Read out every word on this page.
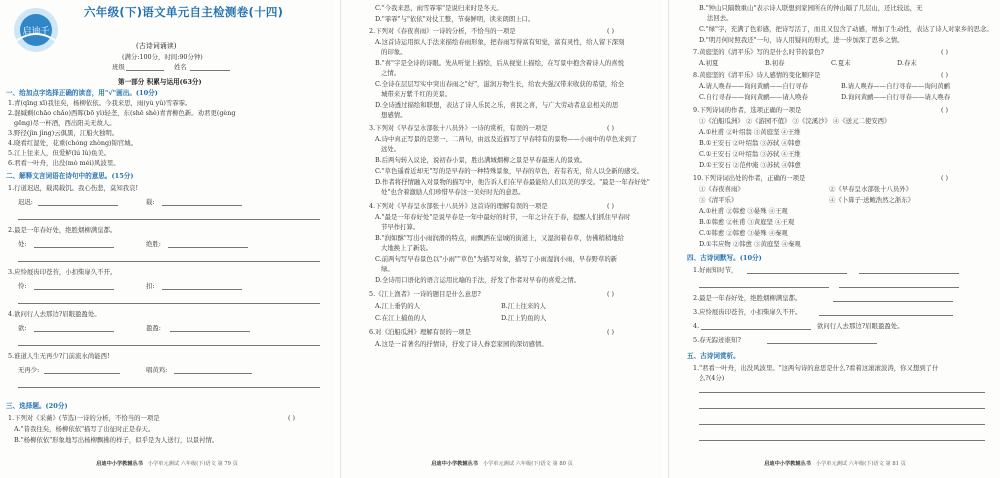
启迪千
六年级(下)语文单元自主检测卷(十四)
(古诗词诵读)
(满分:100分，时间:90分钟)
班级	姓名
第一部分 积累与运用(63分)
一、给加点字选择正确的读音，用"√"画出。(10分)
1.青(qīng xī)我往矣，杨柳依依。今我来思，雨(yù yǔ)雪霏霏。
2.混缄剩(chāo chǎo)西晖(bō yì)轻垄，东(shē shè)青青柳色新。劝君更(gèng
gēng)尽一杯酒，西出阳关无故人。
3.野径(jìn jìng)云俱黑，江船火独明。
4.晓看红湿处，花重(chóng zhòng)锦官城。
5.江上往来人，但爱鲈(lú lǔ)鱼美。
6.君看一叶舟，出没(mò méi)风波里。
二、解释文言词语在诗句中的意思。(15分)
1.行道迟迟，载渴载饥。我心伤悲，莫知我哀!
迟迟:	载:
2.最是一年春好处，绝胜烟柳满皇都。
处:	绝胜:
3.应怜屐齿印苍苔，小扣柴扉久不开。
怜:	扣:
4.欲问行人去那边?眉眼盈盈处。
欲:	盈盈:
5.谁道人生无再少?门前流水尚能西!
无再少:	唱黄鸡:
三、选择题。(20分)
1.下列对《采薇》(节选)一诗的分析，不恰当的一项是	( )
A."昔我往矣，杨柳依依"描写了出征时正是春天。
B."杨柳依依"形象地写出杨柳飘拂的样子，似乎是为人送行，以景衬情。
启迪中小学教辅丛书 小学单元测试 六年级(下)语文 第 79 页
C."今我来思，雨雪霏霏"是说归来时是冬天。
D."霏霏"与"依依"对仗工整，节奏鲜明，读来朗朗上口。
2.下列对《春夜喜雨》一诗的分析，不恰当的一项是	( )
A.这首诗运用拟人手法来描绘春雨形象，把春雨写得富有知觉，富有灵性，给人留下深刻
的印象。
B."喜"字是全诗的诗眼。先从听觉上描绘，后从视觉上描绘，在写景中抱含着诗人的喜悦
之情。
C.全诗在层层写实中突出春雨之"好"，滋润万物生长，给农夫强汉带来收获的希望，给全
城带来万紫千红的美景。
D.全诗透过描绘和联想，表达了诗人乐民之乐，喜民之喜，与广大劳动者息息相关的思
想感情。
3.下列对《早春呈水部张十八员外》一诗的赏析，有误的一项是	( )
A.诗中真正写景的是第一、二两句，由远及近描写了早春特有的景物——小雨中的草色来到了
远处。
B.后两句转入议论，说初春小景，胜出满城烟柳之景是早春最迷人的景致。
C."草色遥看近却无"写的是早春的一种特殊景象，早春的草色，若有若无，给人以全新的感受。
D.作者将抒情融入对景物的描写中，他告诉人们在早春最能给人们以美的享受。"最是一年春好处"
处"也含着激励人们珍惜早春这一美好时光的意思。
4.下列对《早春呈水部张十八员外》这首诗的理解有误的一项是	( )
A."最是一年春好处"是说早春是一年中最好的时节，一年之计在于春，提醒人们抓住早春时
节早作打算。
B."润如酥"写出小雨润滑的特点，雨飘洒在皇城的街道上，又湿润着春草，仿佛稍稍地给
大地换上了新装。
C.前两句写早春景色以"小雨""草色"为描写对象，描写了小雨湿润小雨，早春野草的新
绿。
D.全诗用口语化的语言运用比喻的手法，抒发了作者对早春的喜爱之情。
5.《江上渔者》一诗的题目是什么意思?	( )
A.江上垂钓的人	B.江上往来的人
C.在江上捕鱼的人	D.江上钓鱼的人
6.对《泊船瓜洲》理解有误的一项是	( )
A.这是一首著名的抒情诗，抒发了诗人眷恋家园的深切感情。
启迪中小学教辅丛书 小学单元测试 六年级(下)语文 第 80 页
B."钟山只隔数重山"表示诗人联想到家园所在的钟山隔了几层山，还比较远，无
法回去。
C."绿"字，充满了色彩感，把诗写活了，而且又包含了动感，增加了生动性，表达了诗人对家乡的思念。
D."明月何时照我还"一句，诗人用疑问的形式，进一步加深了思乡之情。
7.黄庭坚的《清平乐》写的是什么时节的景色?	( )
A.初夏	B.初春	C.夏末	D.春末
8.黄庭坚的《清平乐》诗人感情的变化顺序是	( )
A.请人唤春——询问黄鹂——自行寻春	B.请人唤春——自行寻春——询问黄鹂
C.自行寻春——询问黄鹂——请人唤春	D.询问黄鹂——自行寻春——请人唤春
9.下列诗词的作者，选项正确的一项是	( )
①《泊船瓜洲》 ②《游园不值》 ③《浣溪沙》 ④《送元二使安西》
A.①杜甫 ②叶绍翁 ③黄庭坚 ④王维
B.①王安石 ②叶绍翁 ③苏轼 ④韩愈
C.①王安石 ②叶绍翁 ③苏轼 ④王维
D.①王安石 ②范仲淹 ③苏轼 ④韩愈
10.下列诗词出处的作者，正确的一项是	( )
①《春夜喜雨》	②《早春呈水部张十八员外》
③《清平乐》	④《卜算子·送鲍浩然之浙东》
A.①杜甫 ②韩愈 ③晏殊 ④王观
B.①韩愈 ②杜甫 ③黄庭坚 ④王观
C.①韩愈 ②韩愈 ③晏殊 ④秦观
D.①韦应物 ②韩愈 ③黄庭坚 ④秦观
四、古诗词默写。(10分)
1.好雨知时节，
2.最是一年春好处，绝胜烟柳满皇都。
3.应怜屐齿印苍苔，小扣柴扉久不开。
4.	欲问行人去那边?眉眼盈盈处。
5.春无踪迹谁知?
五、古诗词赏析。
1."君看一叶舟，出没风波里。"这两句诗的意思是什么?看着这滚滚波涛，你又想到了什
么?(4分)
启迪中小学教辅丛书 小学单元测试 六年级(下)语文 第 81 页
